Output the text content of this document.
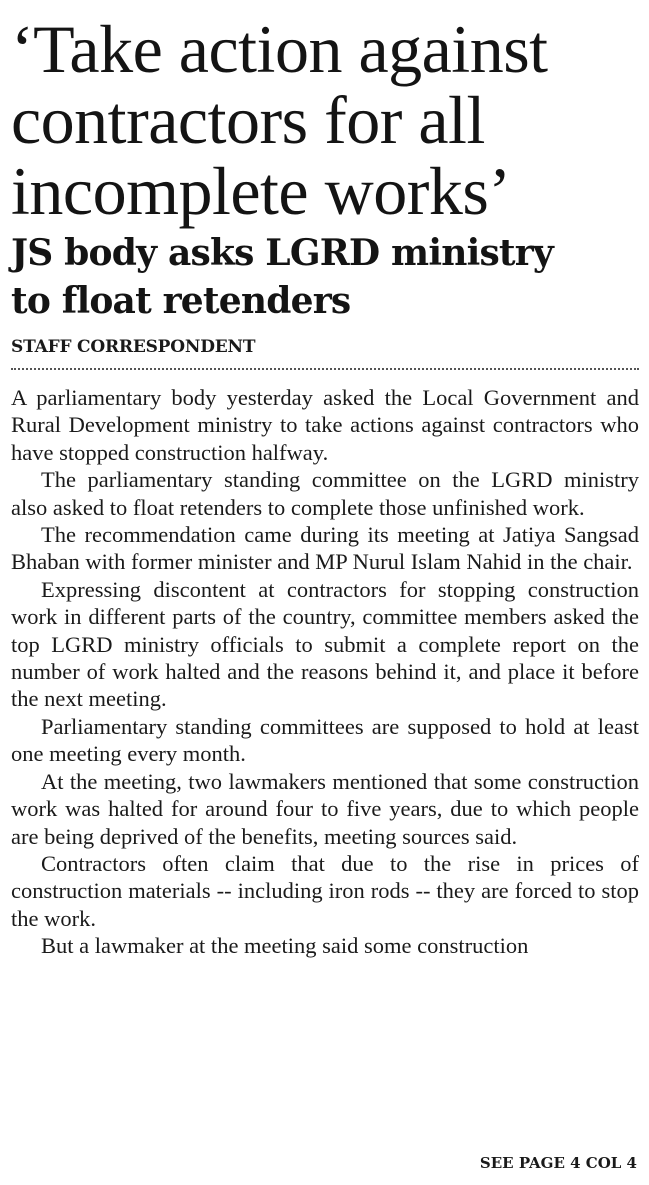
‘Take action against
contractors for all
incomplete works’
JS body asks LGRD ministry
to float retenders
STAFF CORRESPONDENT

A parliamentary body yesterday asked the Local Government and Rural Development ministry to take actions against contractors who have stopped construction halfway.

The parliamentary standing committee on the LGRD ministry also asked to float retenders to complete those unfinished work.

The recommendation came during its meeting at Jatiya Sangsad Bhaban with former minister and MP Nurul Islam Nahid in the chair.

Expressing discontent at contractors for stopping construction work in different parts of the country, committee members asked the top LGRD ministry officials to submit a complete report on the number of work halted and the reasons behind it, and place it before the next meeting.

Parliamentary standing committees are supposed to hold at least one meeting every month.

At the meeting, two lawmakers mentioned that some construction work was halted for around four to five years, due to which people are being deprived of the benefits, meeting sources said.

Contractors often claim that due to the rise in prices of construction materials -- including iron rods -- they are forced to stop the work.

But a lawmaker at the meeting said some construction

SEE PAGE 4 COL 4
